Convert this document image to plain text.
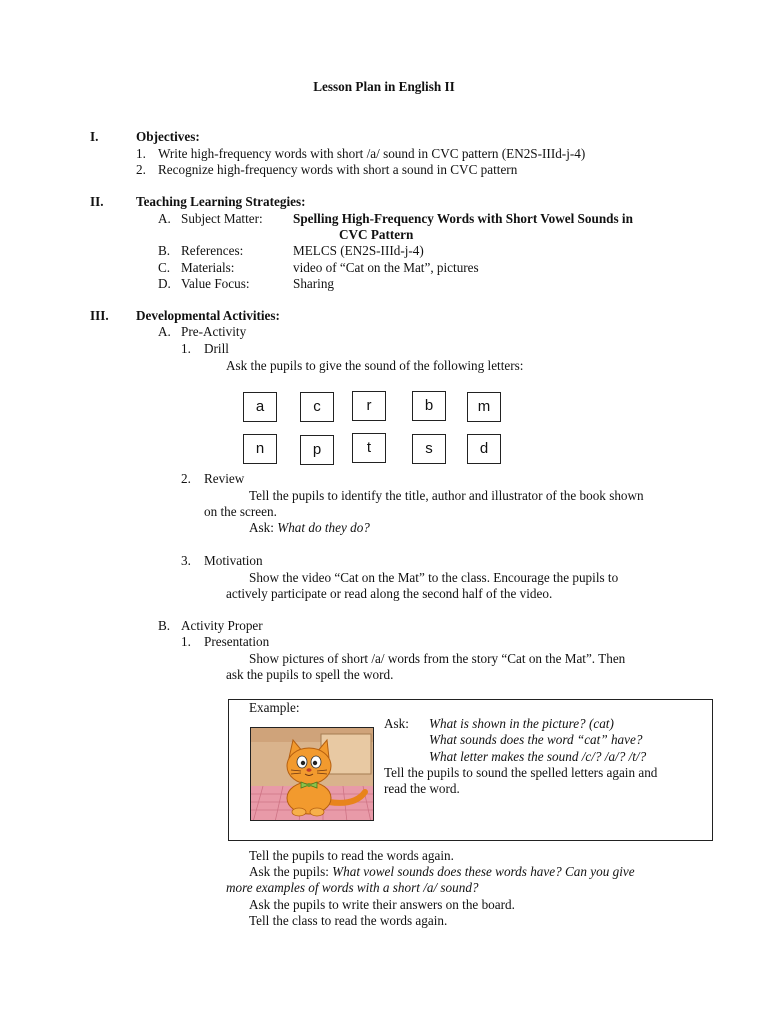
Lesson Plan in English II
I.	Objectives:
1. Write high-frequency words with short /a/ sound in CVC pattern (EN2S-IIId-j-4)
2. Recognize high-frequency words with short a sound in CVC pattern
II. Teaching Learning Strategies:
A. Subject Matter: Spelling High-Frequency Words with Short Vowel Sounds in
CVC Pattern
B. References:	MELCS (EN2S-IIId-j-4)
C. Materials:	video of “Cat on the Mat”, pictures
D. Value Focus:	Sharing
III. Developmental Activities:
A. Pre-Activity
1. Drill
Ask the pupils to give the sound of the following letters:
a	c	r	b	m
n	p	t	s	d
2. Review
Tell the pupils to identify the title, author and illustrator of the book shown
on the screen.
Ask: What do they do?
3. Motivation
Show the video “Cat on the Mat” to the class. Encourage the pupils to
actively participate or read along the second half of the video.
B. Activity Proper
1. Presentation
Show pictures of short /a/ words from the story “Cat on the Mat”. Then
ask the pupils to spell the word.
Example:
Ask: What is shown in the picture? (cat)
What sounds does the word “cat” have?
What letter makes the sound /c/? /a/? /t/?
Tell the pupils to sound the spelled letters again and
read the word.
Tell the pupils to read the words again.
Ask the pupils: What vowel sounds does these words have? Can you give
more examples of words with a short /a/ sound?
Ask the pupils to write their answers on the board.
Tell the class to read the words again.
